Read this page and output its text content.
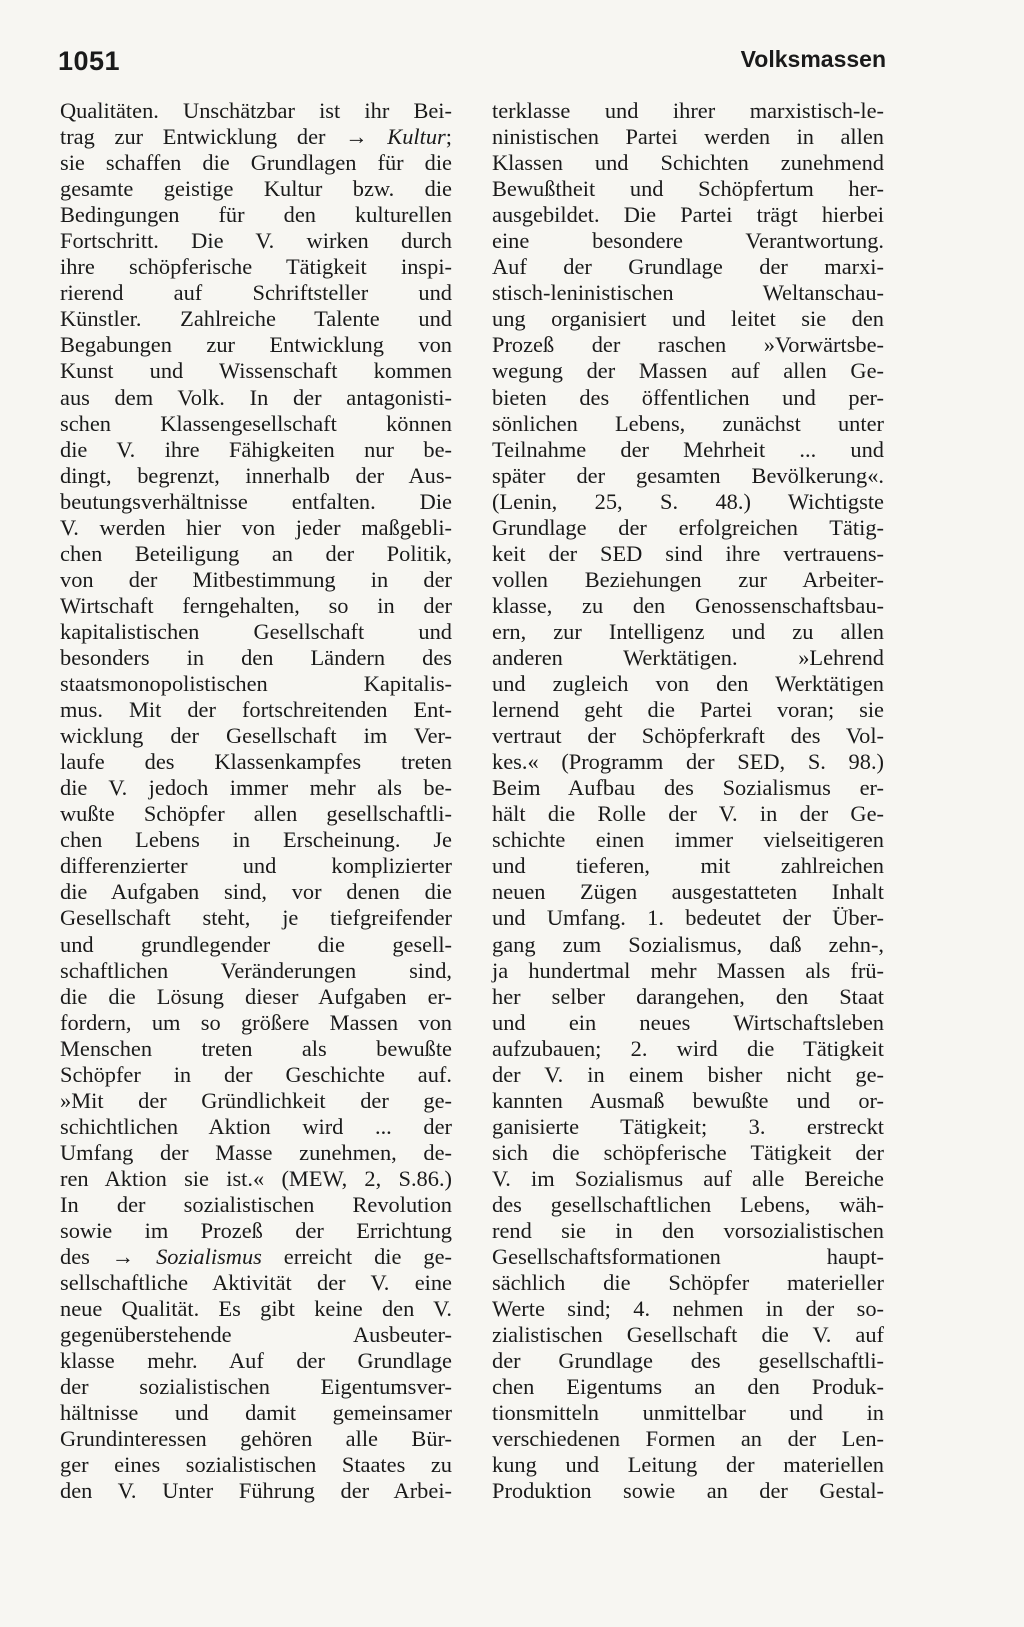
1051	Volksmassen
Qualitäten. Unschätzbar ist ihr Bei-
trag zur Entwicklung der → Kultur;
sie schaffen die Grundlagen für die
gesamte geistige Kultur bzw. die
Bedingungen für den kulturellen
Fortschritt. Die V. wirken durch
ihre schöpferische Tätigkeit inspi-
rierend auf Schriftsteller und
Künstler. Zahlreiche Talente und
Begabungen zur Entwicklung von
Kunst und Wissenschaft kommen
aus dem Volk. In der antagonisti-
schen Klassengesellschaft können
die V. ihre Fähigkeiten nur be-
dingt, begrenzt, innerhalb der Aus-
beutungsverhältnisse entfalten. Die
V. werden hier von jeder maßgebli-
chen Beteiligung an der Politik,
von der Mitbestimmung in der
Wirtschaft ferngehalten, so in der
kapitalistischen Gesellschaft und
besonders in den Ländern des
staatsmonopolistischen Kapitalis-
mus. Mit der fortschreitenden Ent-
wicklung der Gesellschaft im Ver-
laufe des Klassenkampfes treten
die V. jedoch immer mehr als be-
wußte Schöpfer allen gesellschaftli-
chen Lebens in Erscheinung. Je
differenzierter und komplizierter
die Aufgaben sind, vor denen die
Gesellschaft steht, je tiefgreifender
und grundlegender die gesell-
schaftlichen Veränderungen sind,
die die Lösung dieser Aufgaben er-
fordern, um so größere Massen von
Menschen treten als bewußte
Schöpfer in der Geschichte auf.
»Mit der Gründlichkeit der ge-
schichtlichen Aktion wird ... der
Umfang der Masse zunehmen, de-
ren Aktion sie ist.« (MEW, 2, S.86.)
In der sozialistischen Revolution
sowie im Prozeß der Errichtung
des → Sozialismus erreicht die ge-
sellschaftliche Aktivität der V. eine
neue Qualität. Es gibt keine den V.
gegenüberstehende Ausbeuter-
klasse mehr. Auf der Grundlage
der sozialistischen Eigentumsver-
hältnisse und damit gemeinsamer
Grundinteressen gehören alle Bür-
ger eines sozialistischen Staates zu
den V. Unter Führung der Arbei-
terklasse und ihrer marxistisch-le-
ninistischen Partei werden in allen
Klassen und Schichten zunehmend
Bewußtheit und Schöpfertum her-
ausgebildet. Die Partei trägt hierbei
eine besondere Verantwortung.
Auf der Grundlage der marxi-
stisch-leninistischen Weltanschau-
ung organisiert und leitet sie den
Prozeß der raschen »Vorwärtsbe-
wegung der Massen auf allen Ge-
bieten des öffentlichen und per-
sönlichen Lebens, zunächst unter
Teilnahme der Mehrheit ... und
später der gesamten Bevölkerung«.
(Lenin, 25, S. 48.) Wichtigste
Grundlage der erfolgreichen Tätig-
keit der SED sind ihre vertrauens-
vollen Beziehungen zur Arbeiter-
klasse, zu den Genossenschaftsbau-
ern, zur Intelligenz und zu allen
anderen Werktätigen. »Lehrend
und zugleich von den Werktätigen
lernend geht die Partei voran; sie
vertraut der Schöpferkraft des Vol-
kes.« (Programm der SED, S. 98.)
Beim Aufbau des Sozialismus er-
hält die Rolle der V. in der Ge-
schichte einen immer vielseitigeren
und tieferen, mit zahlreichen
neuen Zügen ausgestatteten Inhalt
und Umfang. 1. bedeutet der Über-
gang zum Sozialismus, daß zehn-,
ja hundertmal mehr Massen als frü-
her selber darangehen, den Staat
und ein neues Wirtschaftsleben
aufzubauen; 2. wird die Tätigkeit
der V. in einem bisher nicht ge-
kannten Ausmaß bewußte und or-
ganisierte Tätigkeit; 3. erstreckt
sich die schöpferische Tätigkeit der
V. im Sozialismus auf alle Bereiche
des gesellschaftlichen Lebens, wäh-
rend sie in den vorsozialistischen
Gesellschaftsformationen haupt-
sächlich die Schöpfer materieller
Werte sind; 4. nehmen in der so-
zialistischen Gesellschaft die V. auf
der Grundlage des gesellschaftli-
chen Eigentums an den Produk-
tionsmitteln unmittelbar und in
verschiedenen Formen an der Len-
kung und Leitung der materiellen
Produktion sowie an der Gestal-
